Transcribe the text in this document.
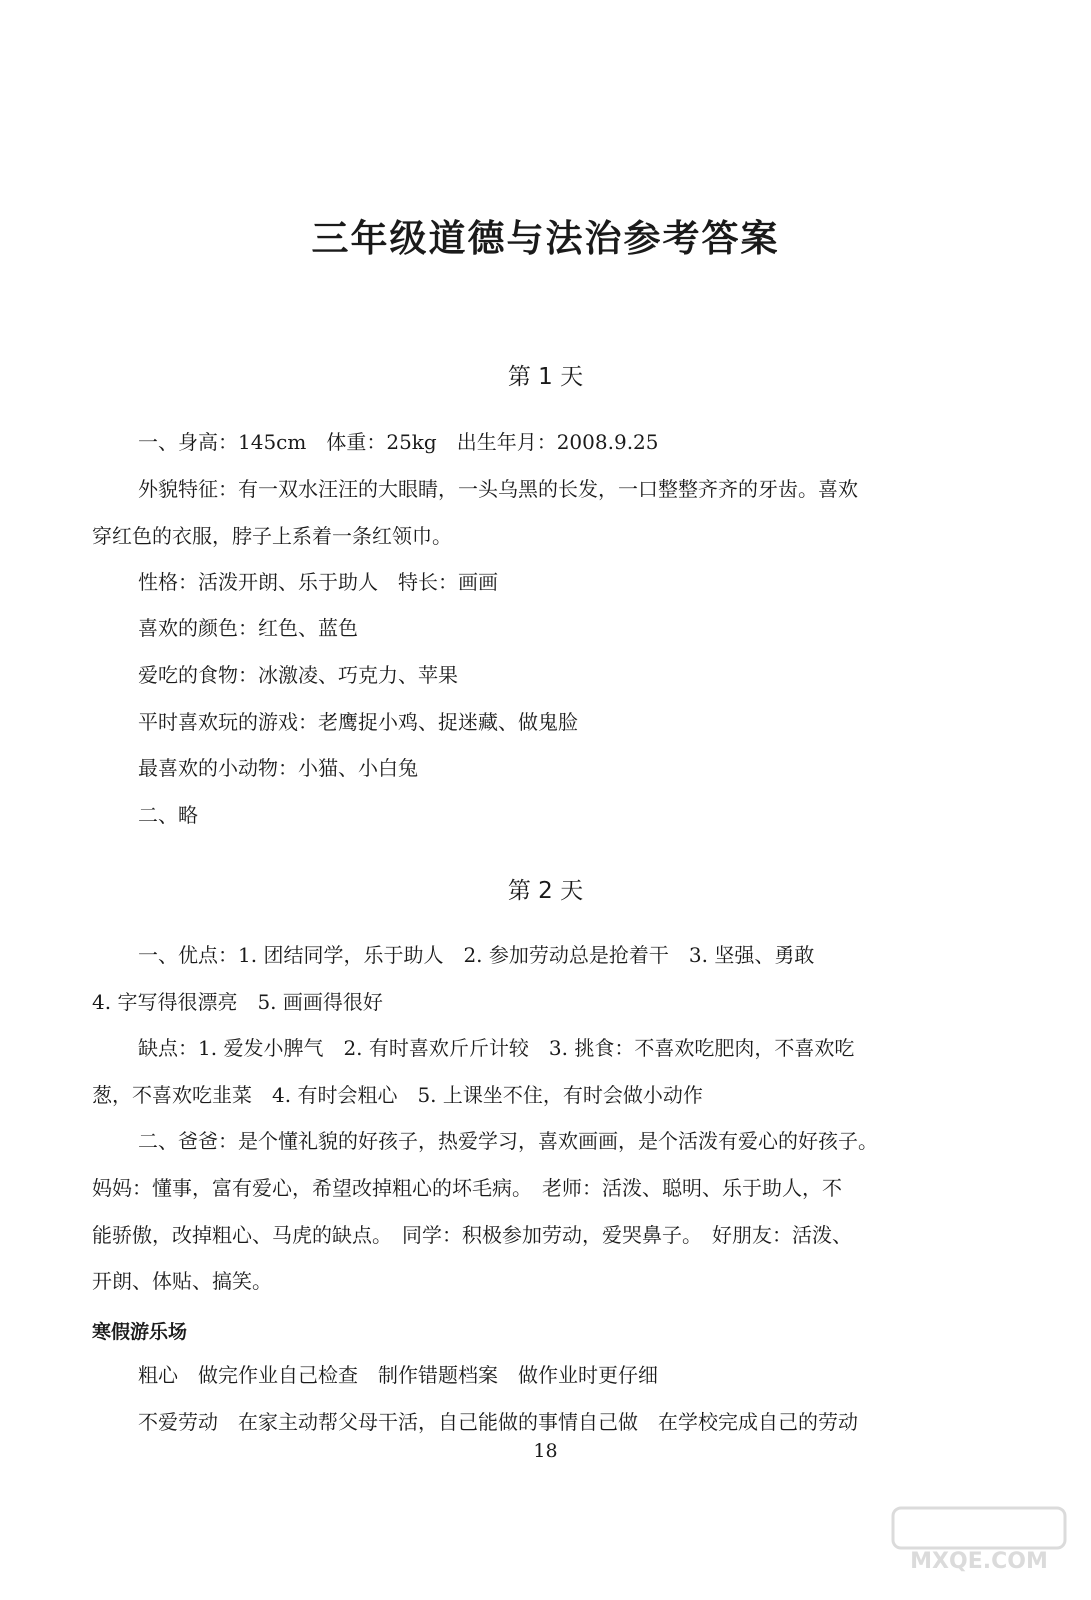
三年级道德与法治参考答案
第 1 天
一、身高：145cm　体重：25kg　出生年月：2008.9.25
外貌特征：有一双水汪汪的大眼睛，一头乌黑的长发，一口整整齐齐的牙齿。喜欢
穿红色的衣服，脖子上系着一条红领巾。
性格：活泼开朗、乐于助人　特长：画画
喜欢的颜色：红色、蓝色
爱吃的食物：冰激凌、巧克力、苹果
平时喜欢玩的游戏：老鹰捉小鸡、捉迷藏、做鬼脸
最喜欢的小动物：小猫、小白兔
二、略
第 2 天
一、优点：1. 团结同学，乐于助人　2. 参加劳动总是抢着干　3. 坚强、勇敢
4. 字写得很漂亮　5. 画画得很好
缺点：1. 爱发小脾气　2. 有时喜欢斤斤计较　3. 挑食：不喜欢吃肥肉，不喜欢吃
葱，不喜欢吃韭菜　4. 有时会粗心　5. 上课坐不住，有时会做小动作
二、爸爸：是个懂礼貌的好孩子，热爱学习，喜欢画画，是个活泼有爱心的好孩子。
妈妈：懂事，富有爱心，希望改掉粗心的坏毛病。　老师：活泼、聪明、乐于助人，不
能骄傲，改掉粗心、马虎的缺点。　同学：积极参加劳动，爱哭鼻子。　好朋友：活泼、
开朗、体贴、搞笑。
寒假游乐场
粗心　做完作业自己检查　制作错题档案　做作业时更仔细
不爱劳动　在家主动帮父母干活，自己能做的事情自己做　在学校完成自己的劳动
18
MXQE.COM
